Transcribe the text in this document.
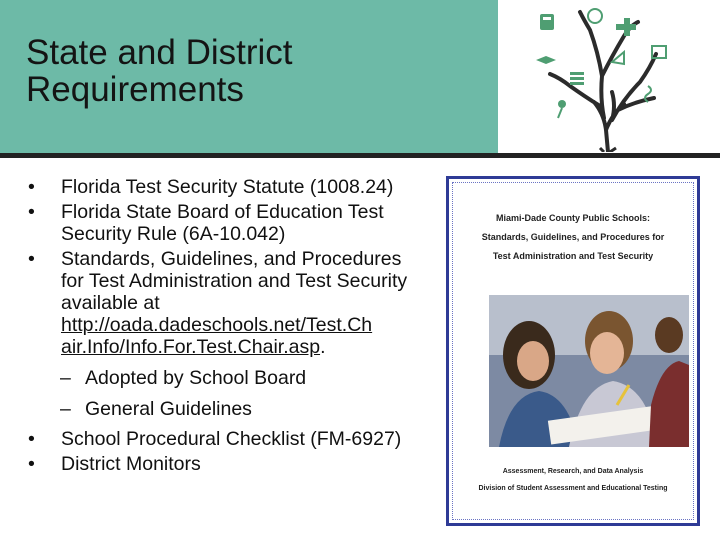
State and District
Requirements
•	Florida Test Security Statute (1008.24)
•	Florida State Board of Education Test Security Rule (6A-10.042)
•	Standards, Guidelines, and Procedures for Test Administration and Test Security available at http://oada.dadeschools.net/Test.Ch air.Info/Info.For.Test.Chair.asp.
– Adopted by School Board
– General Guidelines
•	School Procedural Checklist (FM-6927)
•	District Monitors
Miami-Dade County Public Schools:
Standards, Guidelines, and Procedures for
Test Administration and Test Security
Assessment, Research, and Data Analysis
Division of Student Assessment and Educational Testing
